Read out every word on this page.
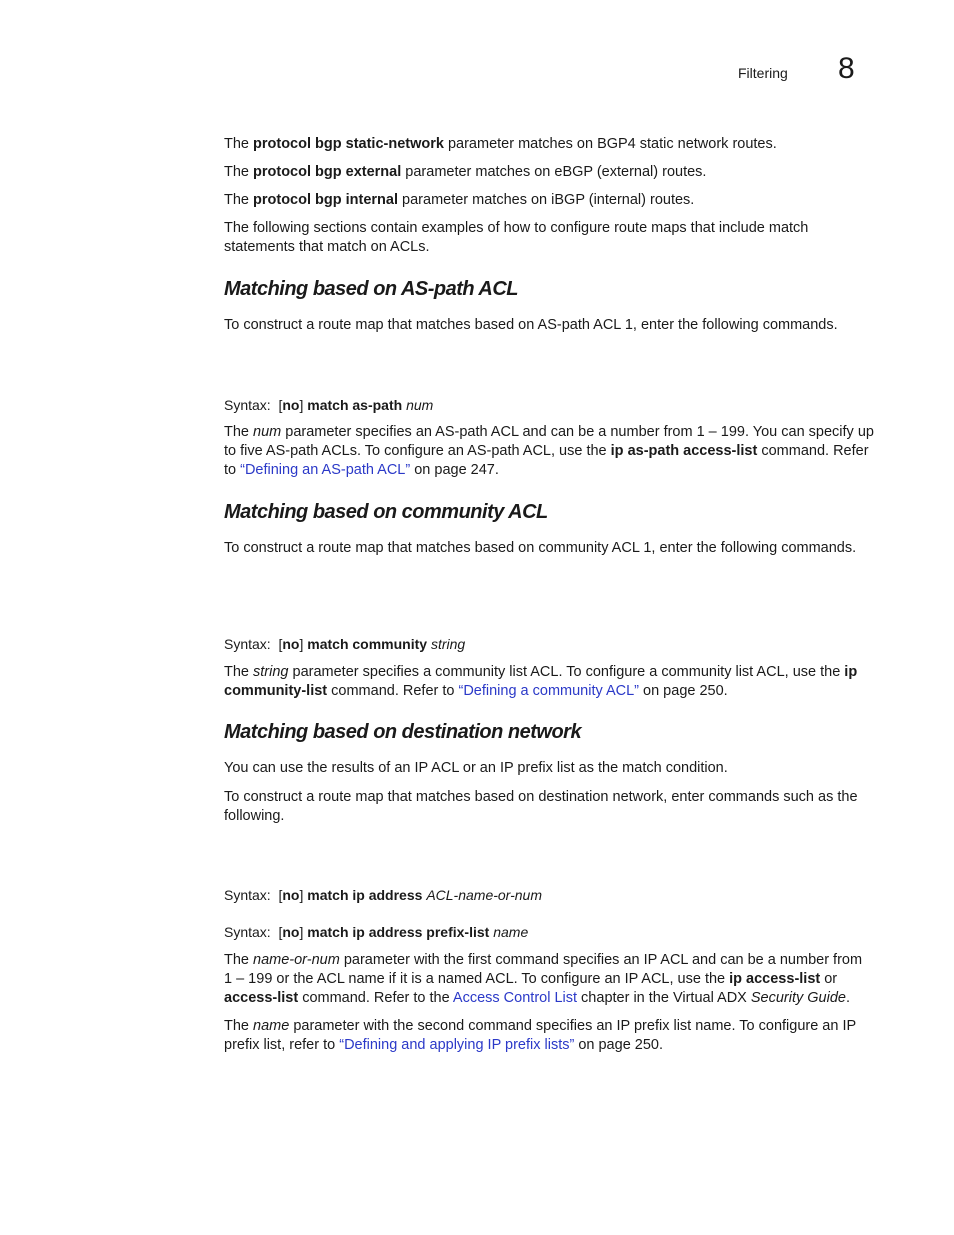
Filtering 8

The protocol bgp static-network parameter matches on BGP4 static network routes.

The protocol bgp external parameter matches on eBGP (external) routes.

The protocol bgp internal parameter matches on iBGP (internal) routes.

The following sections contain examples of how to configure route maps that include match statements that match on ACLs.

Matching based on AS-path ACL

To construct a route map that matches based on AS-path ACL 1, enter the following commands.

Syntax: [no] match as-path num

The num parameter specifies an AS-path ACL and can be a number from 1 – 199. You can specify up to five AS-path ACLs. To configure an AS-path ACL, use the ip as-path access-list command. Refer to “Defining an AS-path ACL” on page 247.

Matching based on community ACL

To construct a route map that matches based on community ACL 1, enter the following commands.

Syntax: [no] match community string

The string parameter specifies a community list ACL. To configure a community list ACL, use the ip community-list command. Refer to “Defining a community ACL” on page 250.

Matching based on destination network

You can use the results of an IP ACL or an IP prefix list as the match condition.

To construct a route map that matches based on destination network, enter commands such as the following.

Syntax: [no] match ip address ACL-name-or-num

Syntax: [no] match ip address prefix-list name

The name-or-num parameter with the first command specifies an IP ACL and can be a number from 1 – 199 or the ACL name if it is a named ACL. To configure an IP ACL, use the ip access-list or access-list command. Refer to the Access Control List chapter in the Virtual ADX Security Guide.

The name parameter with the second command specifies an IP prefix list name. To configure an IP prefix list, refer to “Defining and applying IP prefix lists” on page 250.
